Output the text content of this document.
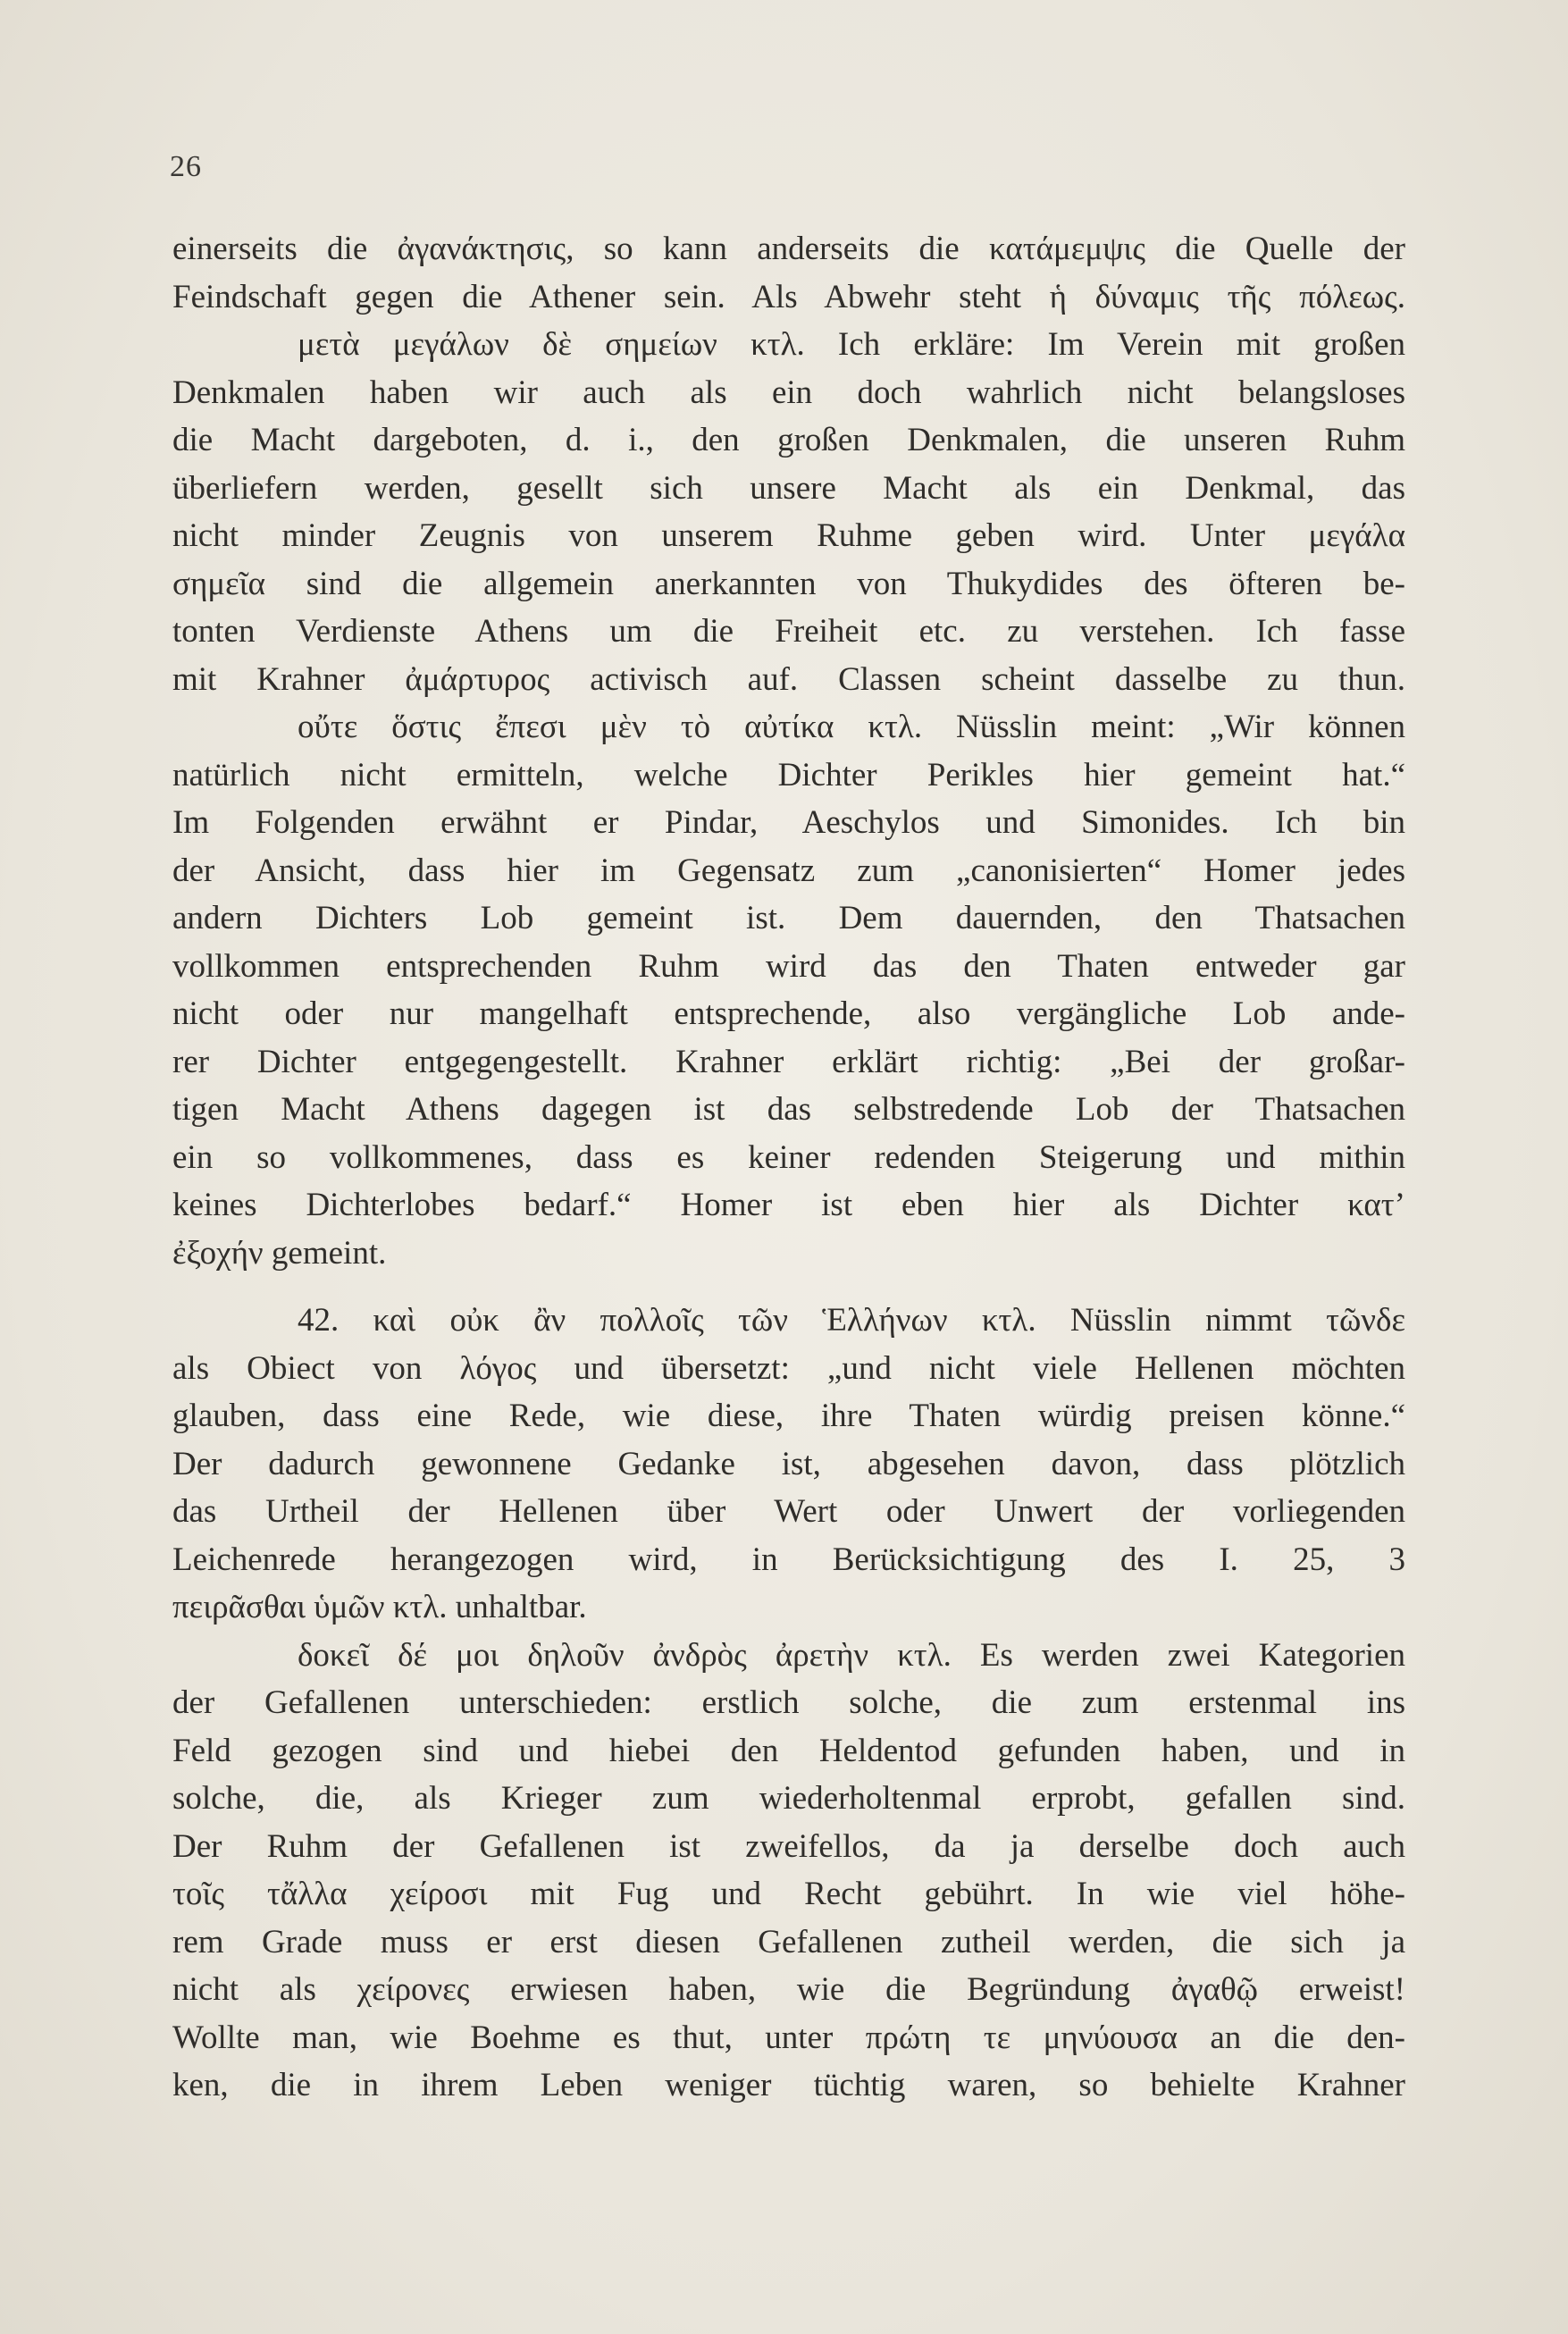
26
einerseits die ἀγανάκτησις, so kann anderseits die κατάμεμψις die Quelle der
Feindschaft gegen die Athener sein. Als Abwehr steht ἡ δύναμις τῆς πόλεως.
μετὰ μεγάλων δὲ σημείων κτλ. Ich erkläre: Im Verein mit großen
Denkmalen haben wir auch als ein doch wahrlich nicht belangsloses
die Macht dargeboten, d. i., den großen Denkmalen, die unseren Ruhm
überliefern werden, gesellt sich unsere Macht als ein Denkmal, das
nicht minder Zeugnis von unserem Ruhme geben wird. Unter μεγάλα
σημεῖα sind die allgemein anerkannten von Thukydides des öfteren be-
tonten Verdienste Athens um die Freiheit etc. zu verstehen. Ich fasse
mit Krahner ἀμάρτυρος activisch auf. Classen scheint dasselbe zu thun.
οὔτε ὅστις ἔπεσι μὲν τὸ αὐτίκα κτλ. Nüsslin meint: „Wir können
natürlich nicht ermitteln, welche Dichter Perikles hier gemeint hat.“
Im Folgenden erwähnt er Pindar, Aeschylos und Simonides. Ich bin
der Ansicht, dass hier im Gegensatz zum „canonisierten“ Homer jedes
andern Dichters Lob gemeint ist. Dem dauernden, den Thatsachen
vollkommen entsprechenden Ruhm wird das den Thaten entweder gar
nicht oder nur mangelhaft entsprechende, also vergängliche Lob ande-
rer Dichter entgegengestellt. Krahner erklärt richtig: „Bei der großar-
tigen Macht Athens dagegen ist das selbstredende Lob der Thatsachen
ein so vollkommenes, dass es keiner redenden Steigerung und mithin
keines Dichterlobes bedarf.“ Homer ist eben hier als Dichter κατ’
ἐξοχήν gemeint.
42. καὶ οὐκ ἂν πολλοῖς τῶν Ἑλλήνων κτλ. Nüsslin nimmt τῶνδε
als Obiect von λόγος und übersetzt: „und nicht viele Hellenen möchten
glauben, dass eine Rede, wie diese, ihre Thaten würdig preisen könne.“
Der dadurch gewonnene Gedanke ist, abgesehen davon, dass plötzlich
das Urtheil der Hellenen über Wert oder Unwert der vorliegenden
Leichenrede herangezogen wird, in Berücksichtigung des I. 25, 3
πειρᾶσθαι ὑμῶν κτλ. unhaltbar.
δοκεῖ δέ μοι δηλοῦν ἀνδρὸς ἀρετὴν κτλ. Es werden zwei Kategorien
der Gefallenen unterschieden: erstlich solche, die zum erstenmal ins
Feld gezogen sind und hiebei den Heldentod gefunden haben, und in
solche, die, als Krieger zum wiederholtenmal erprobt, gefallen sind.
Der Ruhm der Gefallenen ist zweifellos, da ja derselbe doch auch
τοῖς τἄλλα χείροσι mit Fug und Recht gebührt. In wie viel höhe-
rem Grade muss er erst diesen Gefallenen zutheil werden, die sich ja
nicht als χείρονες erwiesen haben, wie die Begründung ἀγαθῷ erweist!
Wollte man, wie Boehme es thut, unter πρώτη τε μηνύουσα an die den-
ken, die in ihrem Leben weniger tüchtig waren, so behielte Krahner
